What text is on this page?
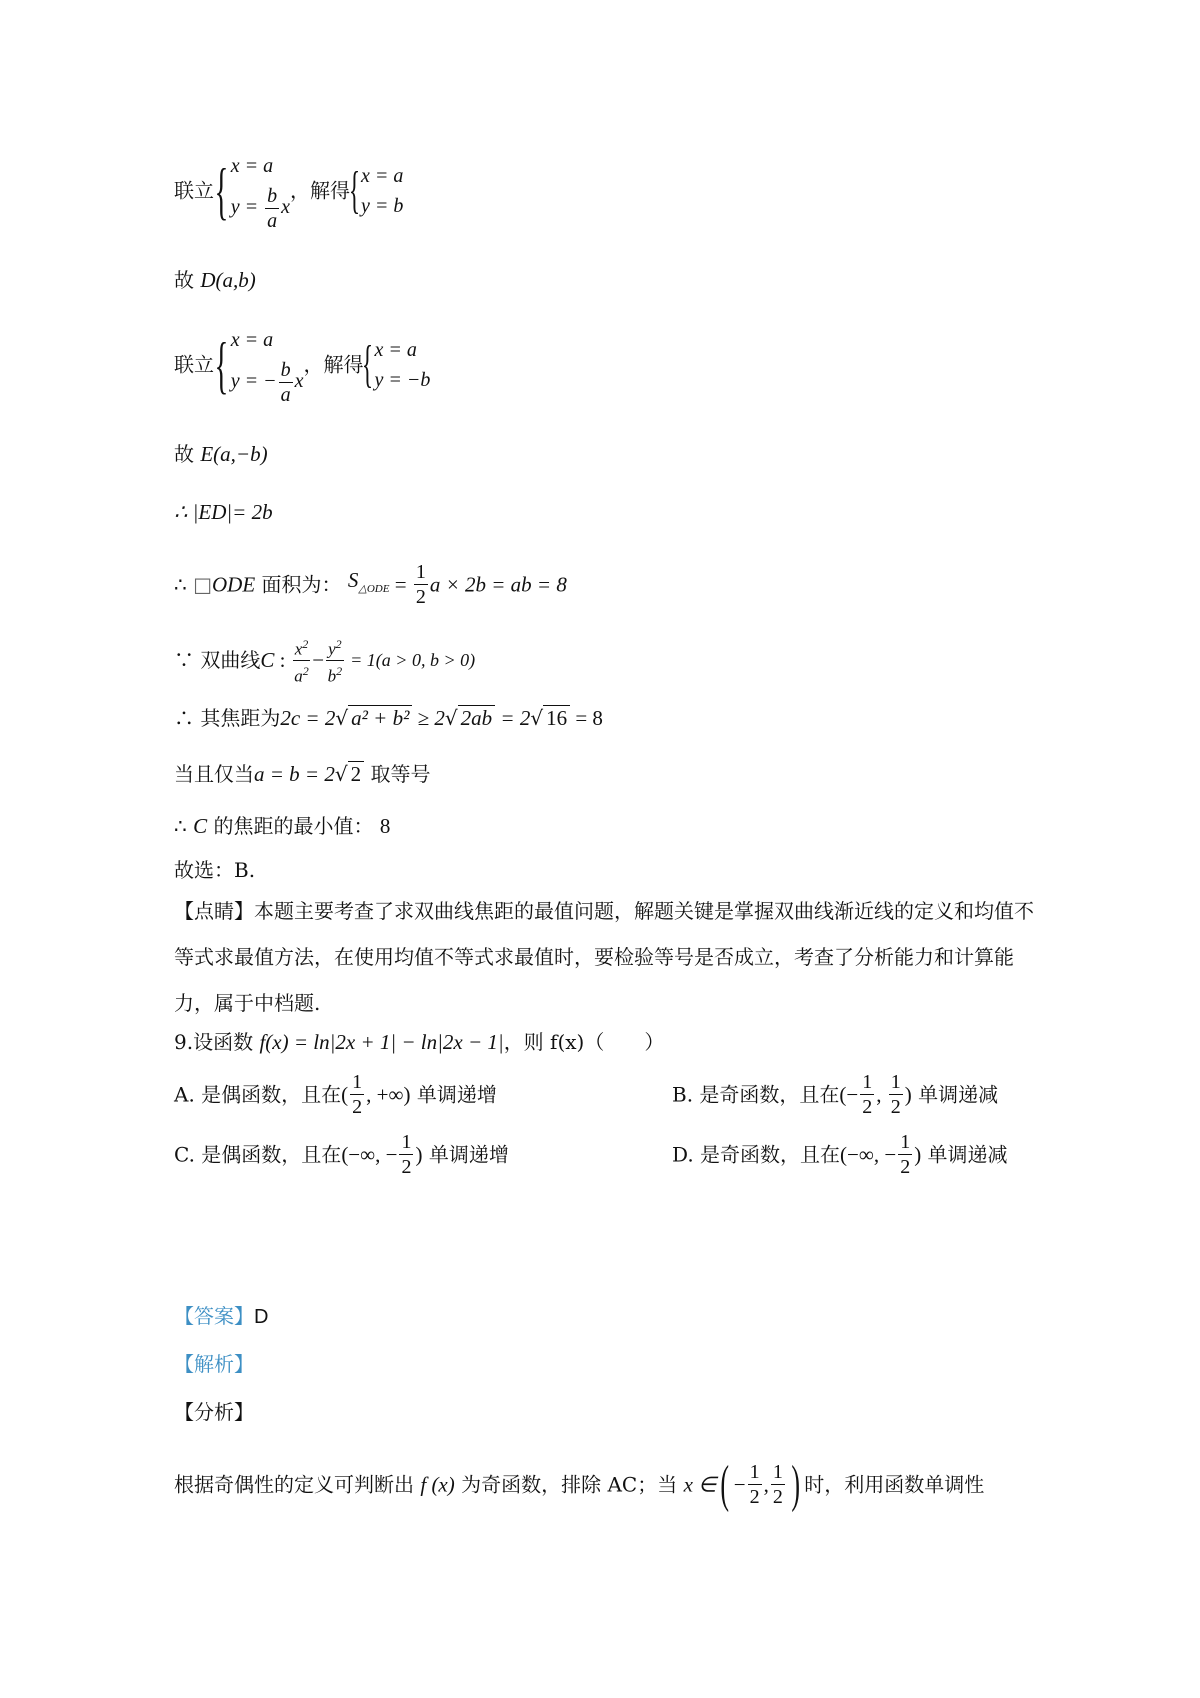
联立{ x = a
$y = \frac{b}{a}$ x
，解得{ x = a
y = b
故 D(a,b)
联立{ x = a
y = − $\frac{b}{a}$ x
，解得{ x = a
y = −b
故 E(a,−b)
∴ |ED|= 2b
∴ □ODE 面积为： $S_{\triangle ODE} = \frac{1}{2}$ a × 2b = ab = 8
∵ 双曲线C : $\frac{x^2}{a^2} - \frac{y^2}{b^2} = 1(a > 0$, b > 0)
∴ 其焦距为2c = 2√ a² + b² ≥ 2√ 2ab = 2√ 16 = 8
当且仅当a = b = 2√ 2 取等号
∴ C 的焦距的最小值： 8
故选：B.
【点睛】本题主要考查了求双曲线焦距的最值问题，解题关键是掌握双曲线渐近线的定义和均值不等式求最值方法，在使用均值不等式求最值时，要检验等号是否成立，考查了分析能力和计算能力，属于中档题.
9.设函数 f(x) = ln|2x + 1| − ln|2x − 1|，则 f(x)（　　）
A. 是偶函数，且在( $\frac{1}{2}$ , +∞) 单调递增	B. 是奇函数，且在(− $\frac{1}{2}$ , $\frac{1}{2}$ ) 单调递减
C. 是偶函数，且在(−∞, − $\frac{1}{2}$ ) 单调递增	D. 是奇函数，且在(−∞, − $\frac{1}{2}$ ) 单调递减
【答案】D
【解析】
【分析】
根据奇偶性的定义可判断出 f (x) 为奇函数，排除 AC；当 x ∈( − $\frac{1}{2}$ , $\frac{1}{2}$ ) 时，利用函数单调性
